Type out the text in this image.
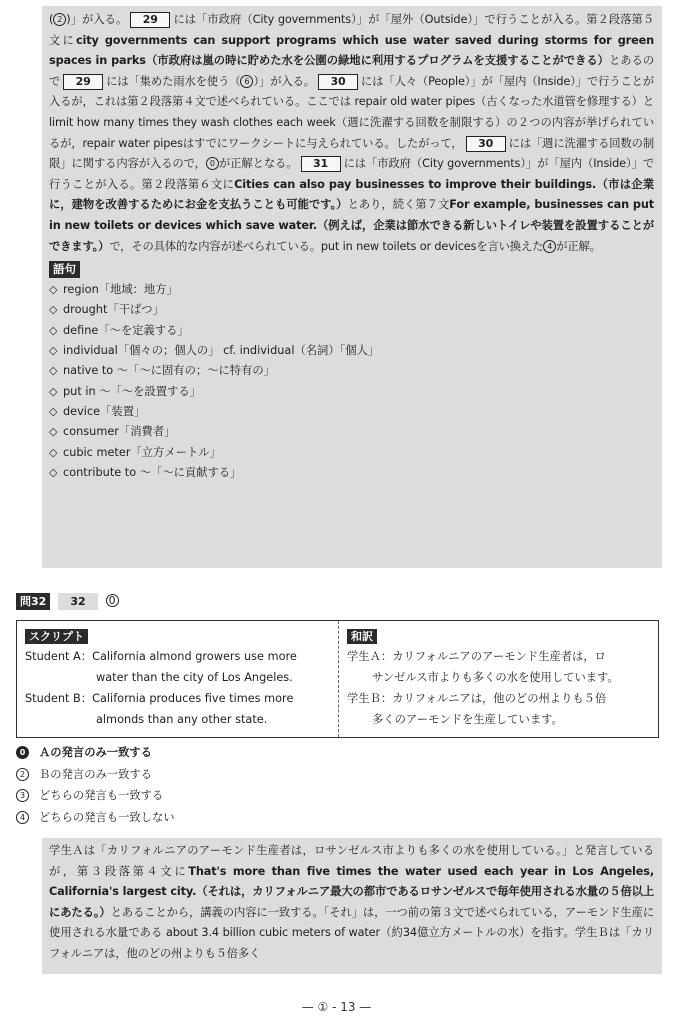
( 2 )」が入る。 29 には「市政府（City governments）」が「屋外（Outside）」で行うことが入る。第２段落第５文にcity governments can support programs which use water saved during storms for green spaces in parks（市政府は嵐の時に貯めた水を公園の緑地に利用するプログラムを支援することができる）とあるので 29 には「集めた雨水を使う（ 6 ）」が入る。 30 には「人々（People）」が「屋内（Inside）」で行うことが入るが，これは第２段落第４文で述べられている。ここでは repair old water pipes（古くなった水道管を修理する）と limit how many times they wash clothes each week（週に洗濯する回数を制限する）の２つの内容が挙げられているが，repair water pipesはすでにワークシートに与えられている。したがって， 30 には「週に洗濯する回数の制限」に関する内容が入るので， 0 が正解となる。 31 には「市政府（City governments）」が「屋内（Inside）」で行うことが入る。第２段落第６文にCities can also pay businesses to improve their buildings.（市は企業に，建物を改善するためにお金を支払うことも可能です。）とあり，続く第７文For example, businesses can put in new toilets or devices which save water.（例えば，企業は節水できる新しいトイレや装置を設置することができます。）で，その具体的な内容が述べられている。put in new toilets or devicesを言い換えた 4 が正解。

語句
◇ region「地域：地方」
◇ drought「干ばつ」
◇ define「～を定義する」
◇ individual「個々の；個人の」 cf. individual（名詞）「個人」
◇ native to ～「～に固有の；～に特有の」
◇ put in ～「～を設置する」
◇ device「装置」
◇ consumer「消費者」
◇ cubic meter「立方メートル」
◇ contribute to ～「～に貢献する」
問32 32 0
スクリプト
Student A：California almond growers use more
water than the city of Los Angeles.
Student B：California produces five times more
almonds than any other state.
和訳
学生Ａ：カリフォルニアのアーモンド生産者は，ロ
サンゼルス市よりも多くの水を使用しています。
学生Ｂ：カリフォルニアは，他のどの州よりも５倍
多くのアーモンドを生産しています。
0 Ａの発言のみ一致する
2 Ｂの発言のみ一致する
3 どちらの発言も一致する
4 どちらの発言も一致しない

学生Ａは「カリフォルニアのアーモンド生産者は，ロサンゼルス市よりも多くの水を使用している。」と発言しているが，第３段落第４文にThat's more than five times the water used each year in Los Angeles, California's largest city.（それは，カリフォルニア最大の都市であるロサンゼルスで毎年使用される水量の５倍以上にあたる。）とあることから，講義の内容に一致する。「それ」は，一つ前の第３文で述べられている，アーモンド生産に使用される水量である about 3.4 billion cubic meters of water（約34億立方メートルの水）を指す。学生Ｂは「カリフォルニアは，他のどの州よりも５倍多く

— ① - 13 —
